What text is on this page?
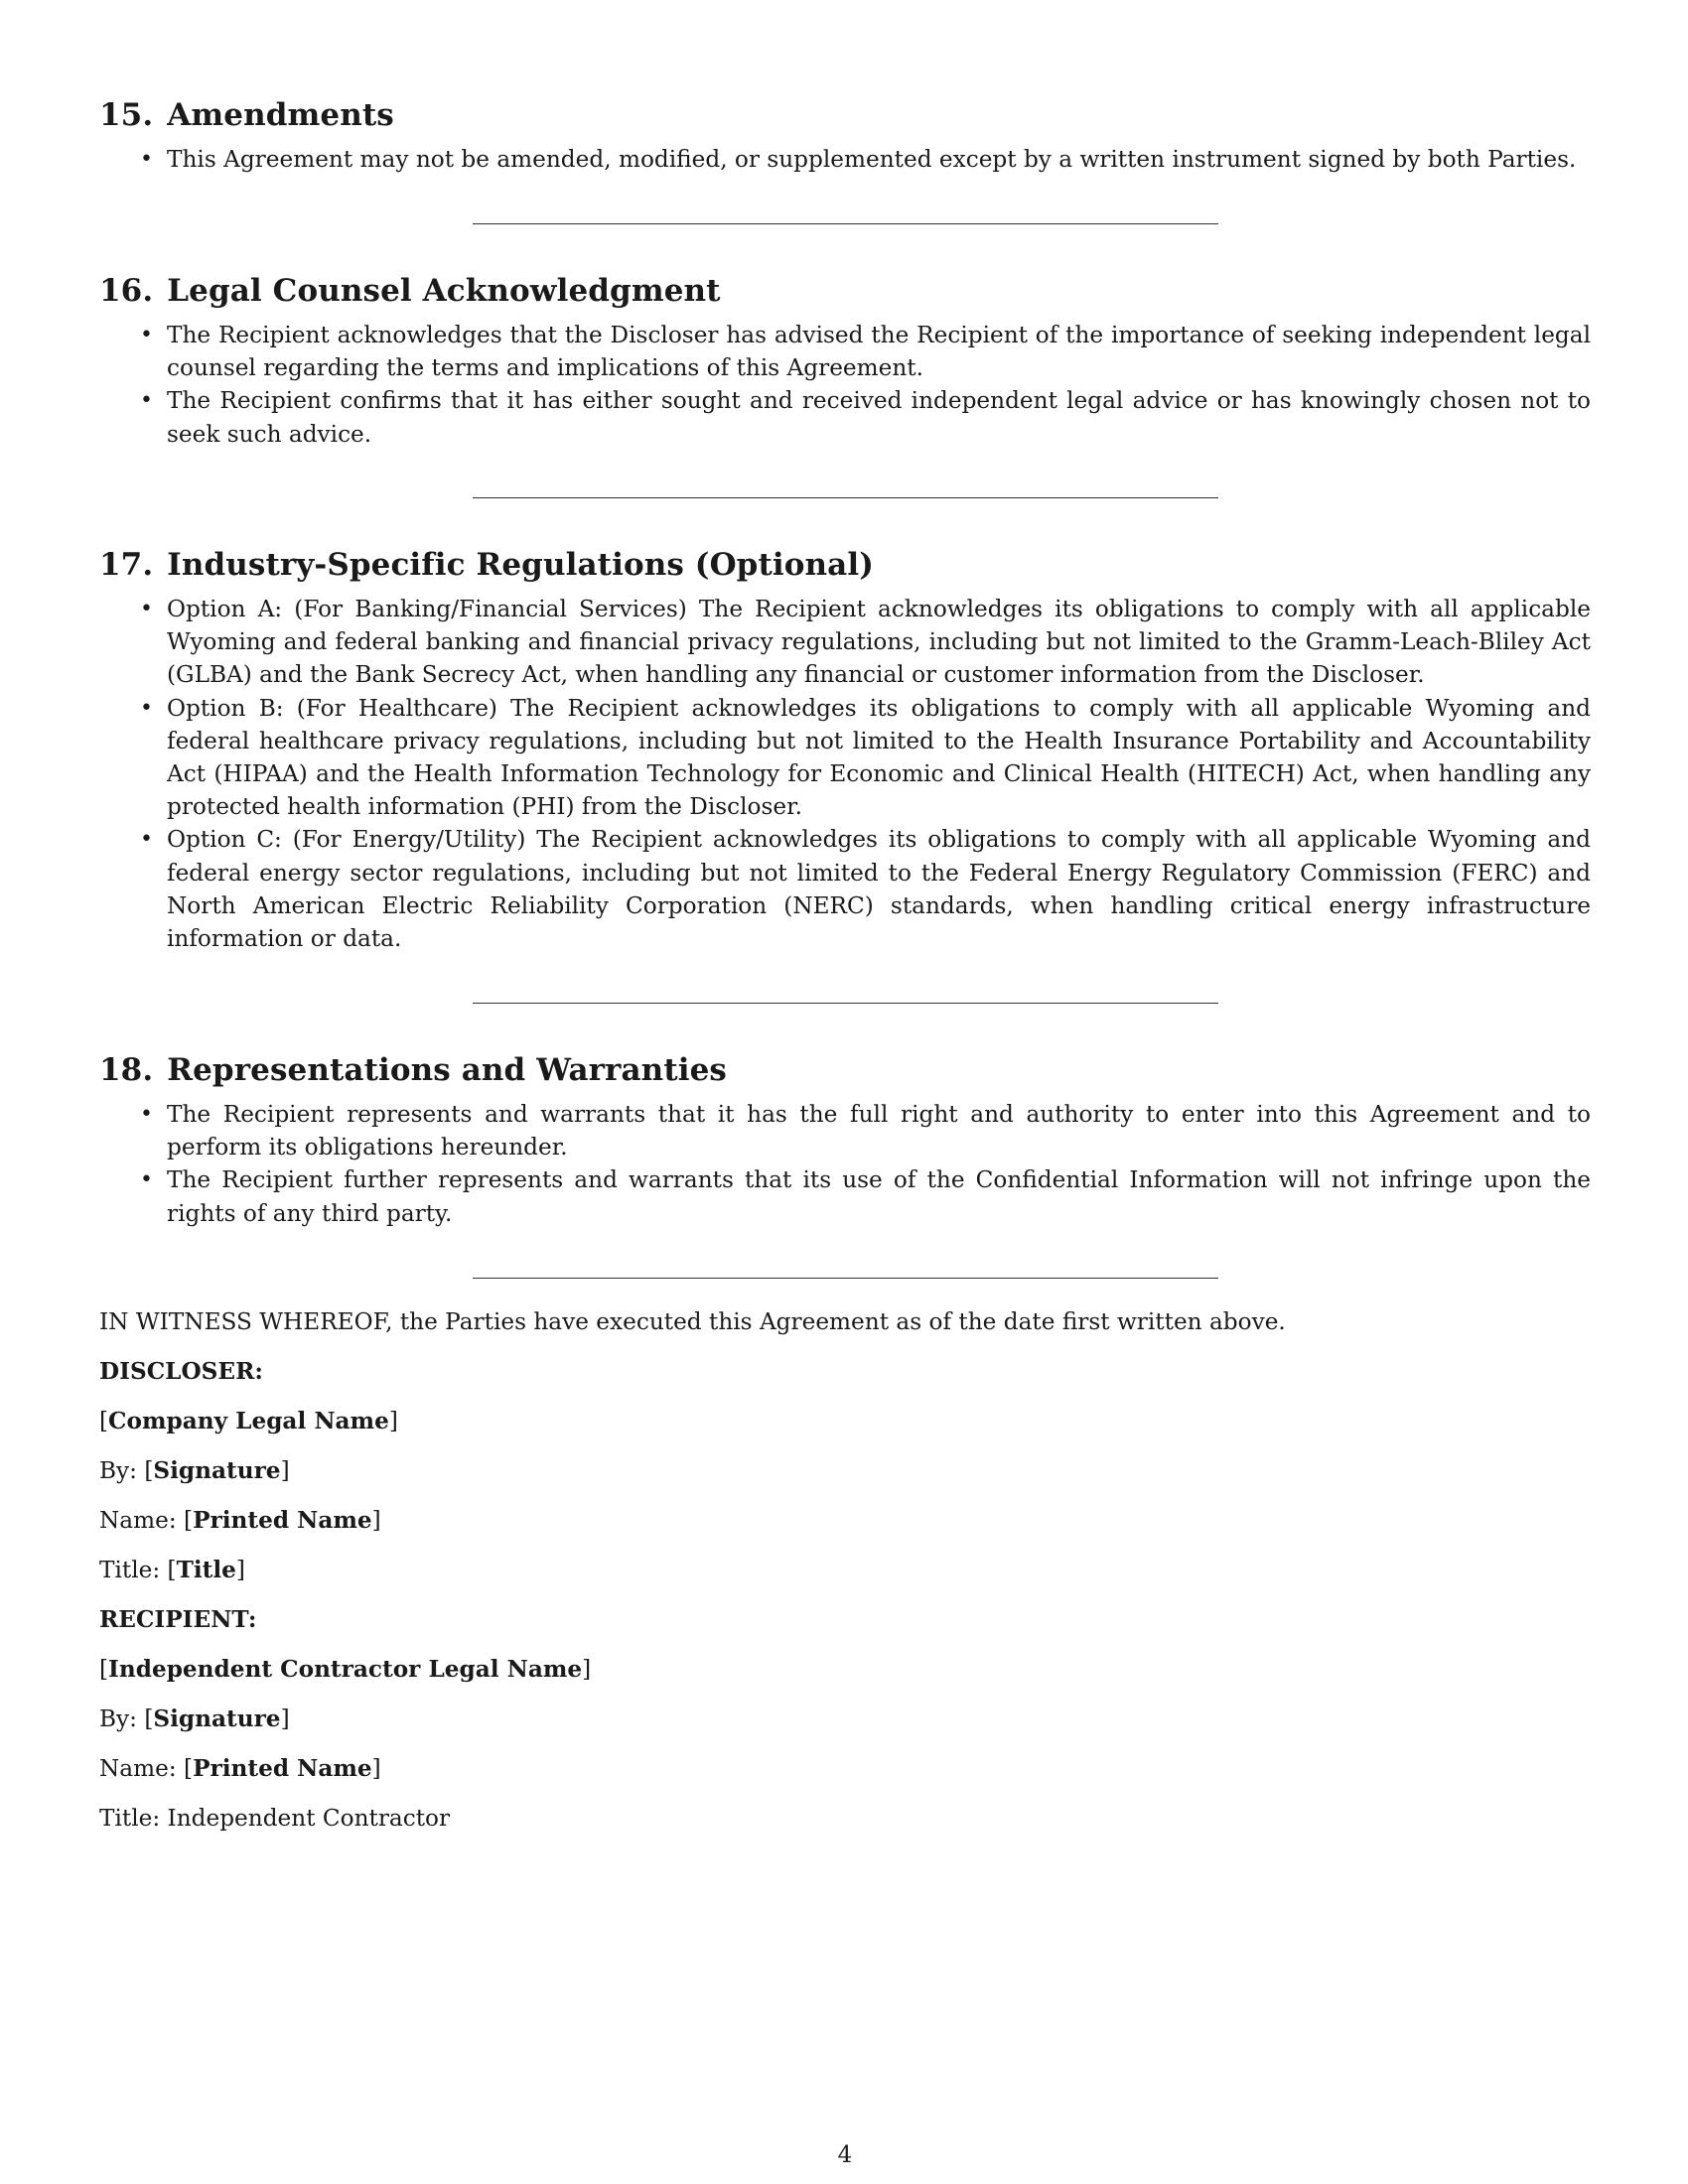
15. Amendments
• This Agreement may not be amended, modified, or supplemented except by a written instrument signed by both Parties.
16. Legal Counsel Acknowledgment
• The Recipient acknowledges that the Discloser has advised the Recipient of the importance of seeking independent legal counsel regarding the terms and implications of this Agreement.
• The Recipient confirms that it has either sought and received independent legal advice or has knowingly chosen not to seek such advice.
17. Industry-Specific Regulations (Optional)
• Option A: (For Banking/Financial Services) The Recipient acknowledges its obligations to comply with all applicable Wyoming and federal banking and financial privacy regulations, including but not limited to the Gramm-Leach-Bliley Act (GLBA) and the Bank Secrecy Act, when handling any financial or customer information from the Discloser.
• Option B: (For Healthcare) The Recipient acknowledges its obligations to comply with all applicable Wyoming and federal healthcare privacy regulations, including but not limited to the Health Insurance Portability and Accountability Act (HIPAA) and the Health Information Technology for Economic and Clinical Health (HITECH) Act, when handling any protected health information (PHI) from the Discloser.
• Option C: (For Energy/Utility) The Recipient acknowledges its obligations to comply with all applicable Wyoming and federal energy sector regulations, including but not limited to the Federal Energy Regulatory Commission (FERC) and North American Electric Reliability Corporation (NERC) standards, when handling critical energy infrastructure information or data.
18. Representations and Warranties
• The Recipient represents and warrants that it has the full right and authority to enter into this Agreement and to perform its obligations hereunder.
• The Recipient further represents and warrants that its use of the Confidential Information will not infringe upon the rights of any third party.
IN WITNESS WHEREOF, the Parties have executed this Agreement as of the date first written above.
DISCLOSER:
[Company Legal Name]
By: [Signature]
Name: [Printed Name]
Title: [Title]
RECIPIENT:
[Independent Contractor Legal Name]
By: [Signature]
Name: [Printed Name]
Title: Independent Contractor
4
